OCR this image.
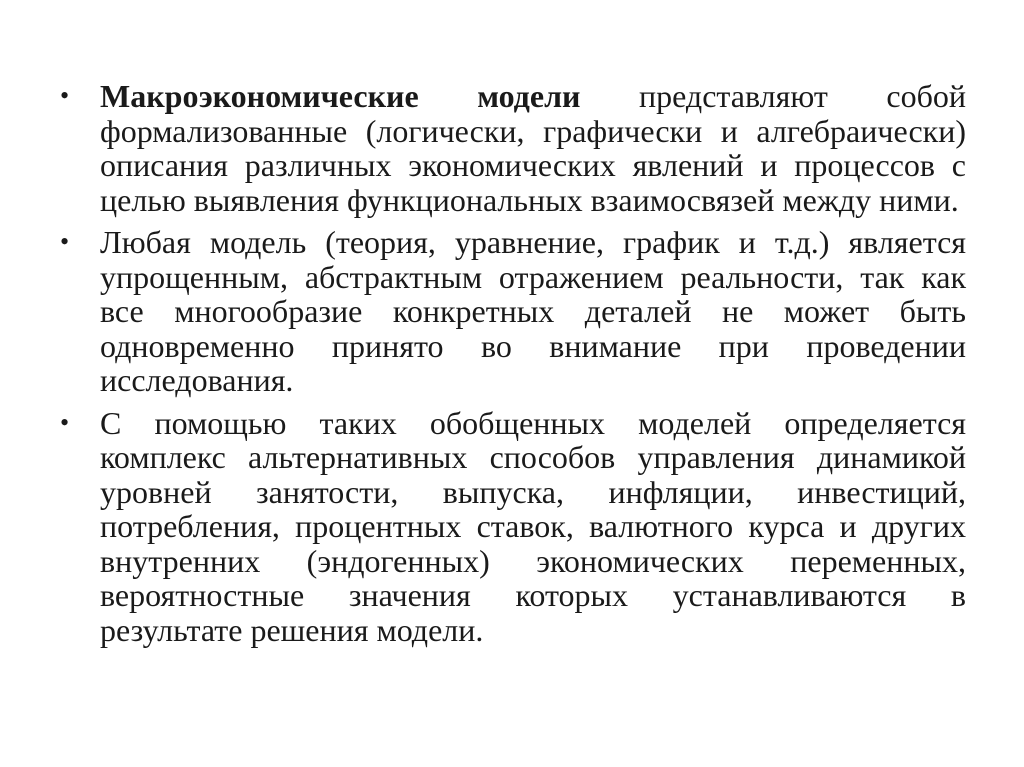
• Макроэкономические модели представляют собой формализованные (логически, графически и алгебраически) описания различных экономических явлений и процессов с целью выявления функциональных взаимосвязей между ними.
• Любая модель (теория, уравнение, график и т.д.) является упрощенным, абстрактным отражением реальности, так как все многообразие конкретных деталей не может быть одновременно принято во внимание при проведении исследования.
• С помощью таких обобщенных моделей определяется комплекс альтернативных способов управления динамикой уровней занятости, выпуска, инфляции, инвестиций, потребления, процентных ставок, валютного курса и других внутренних (эндогенных) экономических переменных, вероятностные значения которых устанавливаются в результате решения модели.
